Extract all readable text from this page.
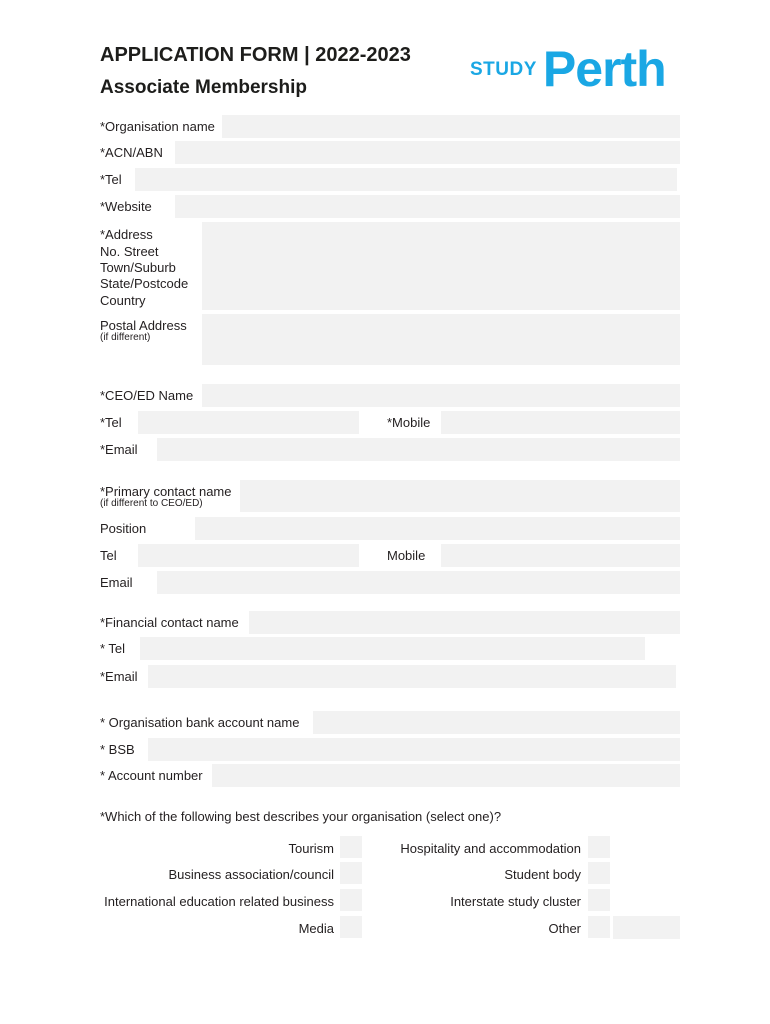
APPLICATION FORM | 2022-2023
Associate Membership
STUDY Perth
*Organisation name
*ACN/ABN
*Tel
*Website
*Address
No. Street
Town/Suburb
State/Postcode
Country
Postal Address
(if different)
*CEO/ED Name
*Tel	*Mobile
*Email
*Primary contact name
(if different to CEO/ED)
Position
Tel	Mobile
Email
*Financial contact name
* Tel
*Email
* Organisation bank account name
* BSB
* Account number
*Which of the following best describes your organisation (select one)?
Tourism	Hospitality and accommodation
Business association/council	Student body
International education related business	Interstate study cluster
Media	Other
